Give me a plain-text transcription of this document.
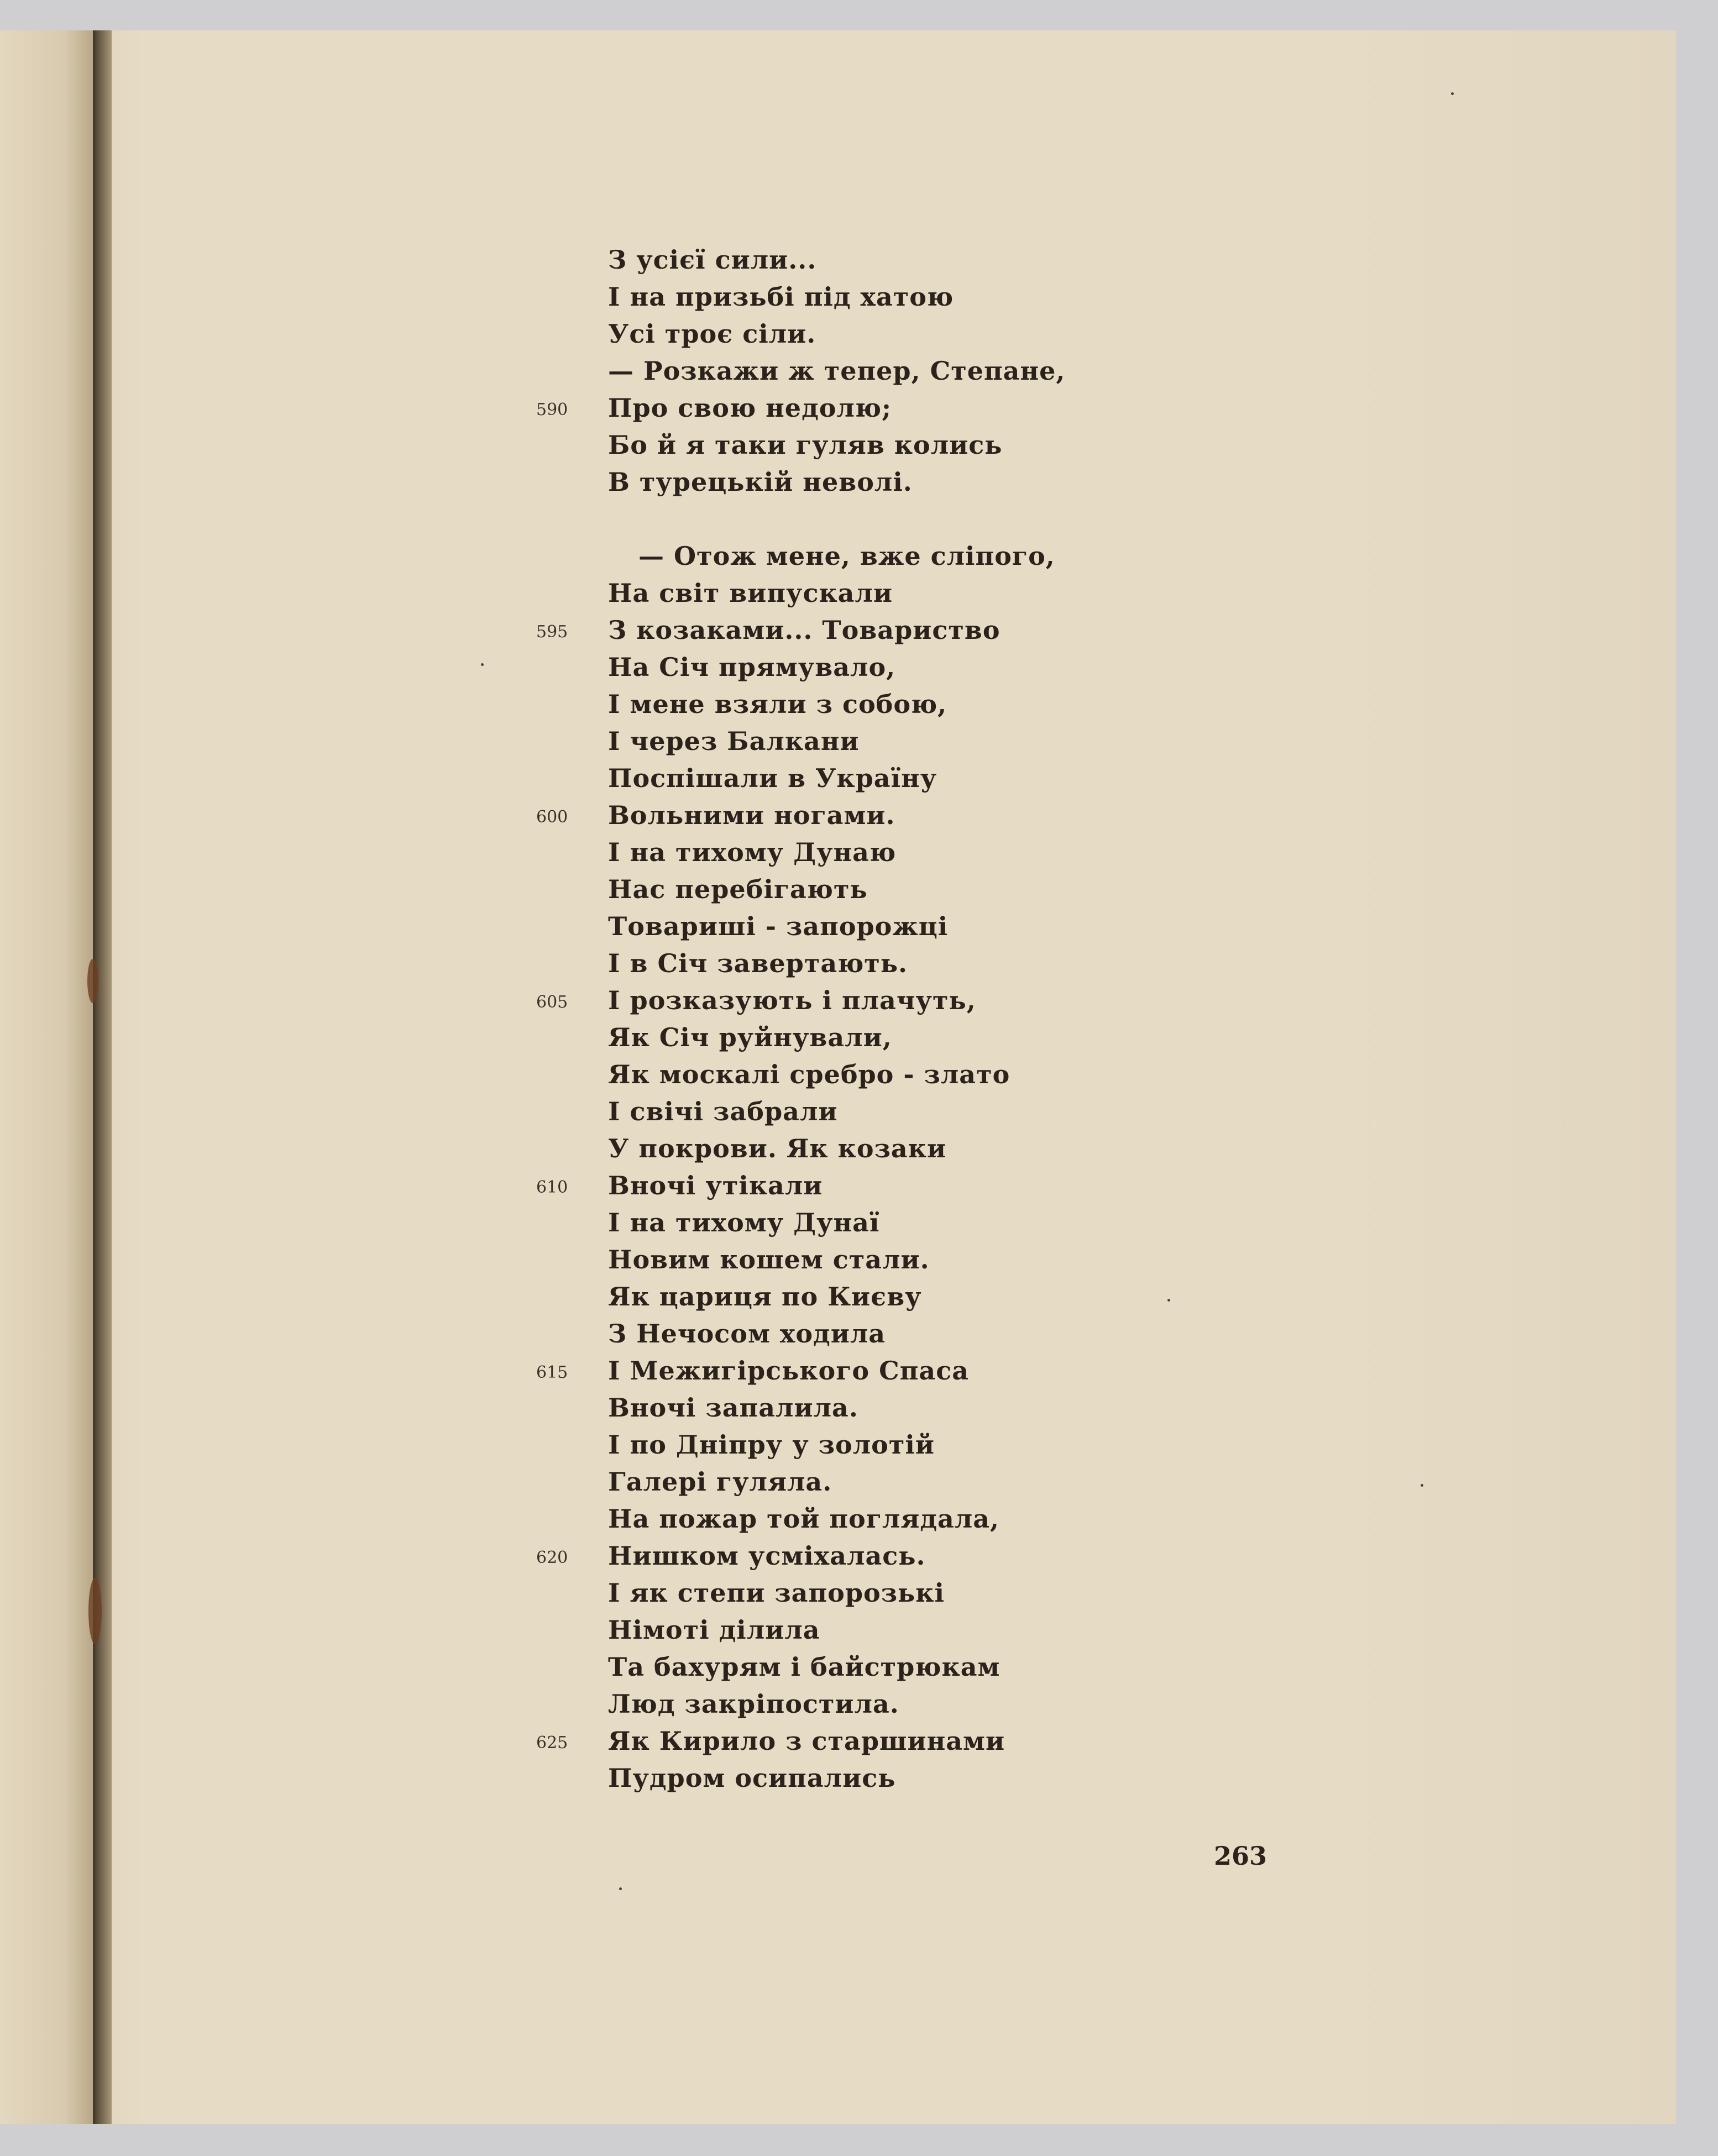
З усієї сили...
І на призьбі під хатою
Усі троє сіли.
— Розкажи ж тепер, Степане,
Про свою недолю;
590
Бо й я таки гуляв колись
В турецькій неволі.
— Отож мене, вже сліпого,
На світ випускали
З козаками... Товариство
595
На Січ прямувало,
І мене взяли з собою,
І через Балкани
Поспішали в Україну
Вольними ногами.
600
І на тихому Дунаю
Нас перебігають
Товариші - запорожці
І в Січ завертають.
І розказують і плачуть,
605
Як Січ руйнували,
Як москалі сребро - злато
І свічі забрали
У покрови. Як козаки
Вночі утікали
610
І на тихому Дунаї
Новим кошем стали.
Як цариця по Києву
З Нечосом ходила
І Межигірського Спаса
615
Вночі запалила.
І по Дніпру у золотій
Галері гуляла.
На пожар той поглядала,
Нишком усміхалась.
620
І як степи запорозькі
Німоті ділила
Та бахурям і байстрюкам
Люд закріпостила.
Як Кирило з старшинами
625
Пудром осипались
263
